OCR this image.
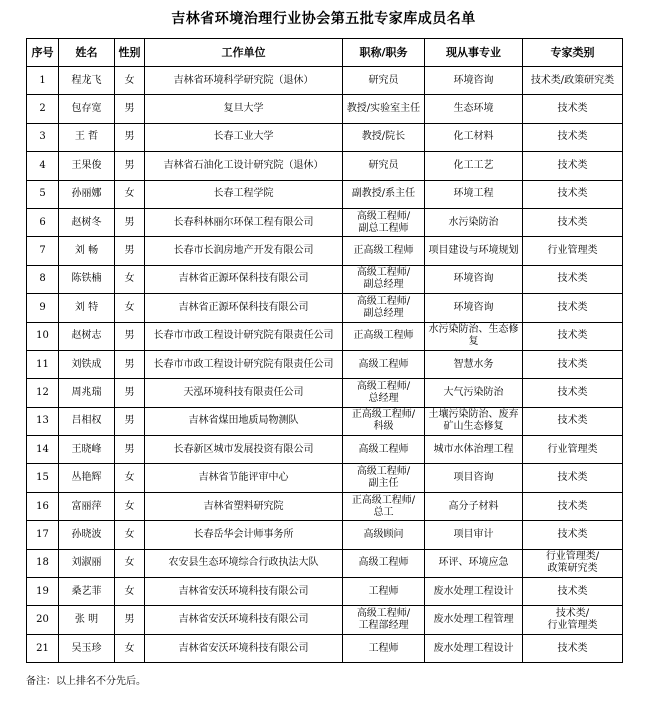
吉林省环境治理行业协会第五批专家库成员名单
序号	姓名	性别	工作单位	职称/职务	现从事专业	专家类别
1	程龙飞	女	吉林省环境科学研究院（退休）	研究员	环境咨询	技术类/政策研究类
2	包存宽	男	复旦大学	教授/实验室主任	生态环境	技术类
3	王 哲	男	长春工业大学	教授/院长	化工材料	技术类
4	王果俊	男	吉林省石油化工设计研究院（退休）	研究员	化工工艺	技术类
5	孙丽娜	女	长春工程学院	副教授/系主任	环境工程	技术类
6	赵树冬	男	长春科林丽尔环保工程有限公司	高级工程师/
副总工程师	水污染防治	技术类
7	刘 畅	男	长春市长润房地产开发有限公司	正高级工程师	项目建设与环境规划	行业管理类
8	陈铁楠	女	吉林省正源环保科技有限公司	高级工程师/
副总经理	环境咨询	技术类
9	刘 特	女	吉林省正源环保科技有限公司	高级工程师/
副总经理	环境咨询	技术类
10	赵树志	男	长春市市政工程设计研究院有限责任公司	正高级工程师	水污染防治、生态修复	技术类
11	刘铁成	男	长春市市政工程设计研究院有限责任公司	高级工程师	智慧水务	技术类
12	周兆瑞	男	天泓环境科技有限责任公司	高级工程师/
总经理	大气污染防治	技术类
13	吕相权	男	吉林省煤田地质局物测队	正高级工程师/
科级	土壤污染防治、废弃矿山生态修复	技术类
14	王晓峰	男	长春新区城市发展投资有限公司	高级工程师	城市水体治理工程	行业管理类
15	丛艳辉	女	吉林省节能评审中心	高级工程师/
副主任	项目咨询	技术类
16	富丽萍	女	吉林省塑料研究院	正高级工程师/
总工	高分子材料	技术类
17	孙晓波	女	长春岳华会计师事务所	高级顾问	项目审计	技术类
18	刘淑丽	女	农安县生态环境综合行政执法大队	高级工程师	环评、环境应急	行业管理类/
政策研究类
19	桑艺菲	女	吉林省安沃环境科技有限公司	工程师	废水处理工程设计	技术类
20	张 明	男	吉林省安沃环境科技有限公司	高级工程师/
工程部经理	废水处理工程管理	技术类/
行业管理类
21	吴玉珍	女	吉林省安沃环境科技有限公司	工程师	废水处理工程设计	技术类
备注：以上排名不分先后。
